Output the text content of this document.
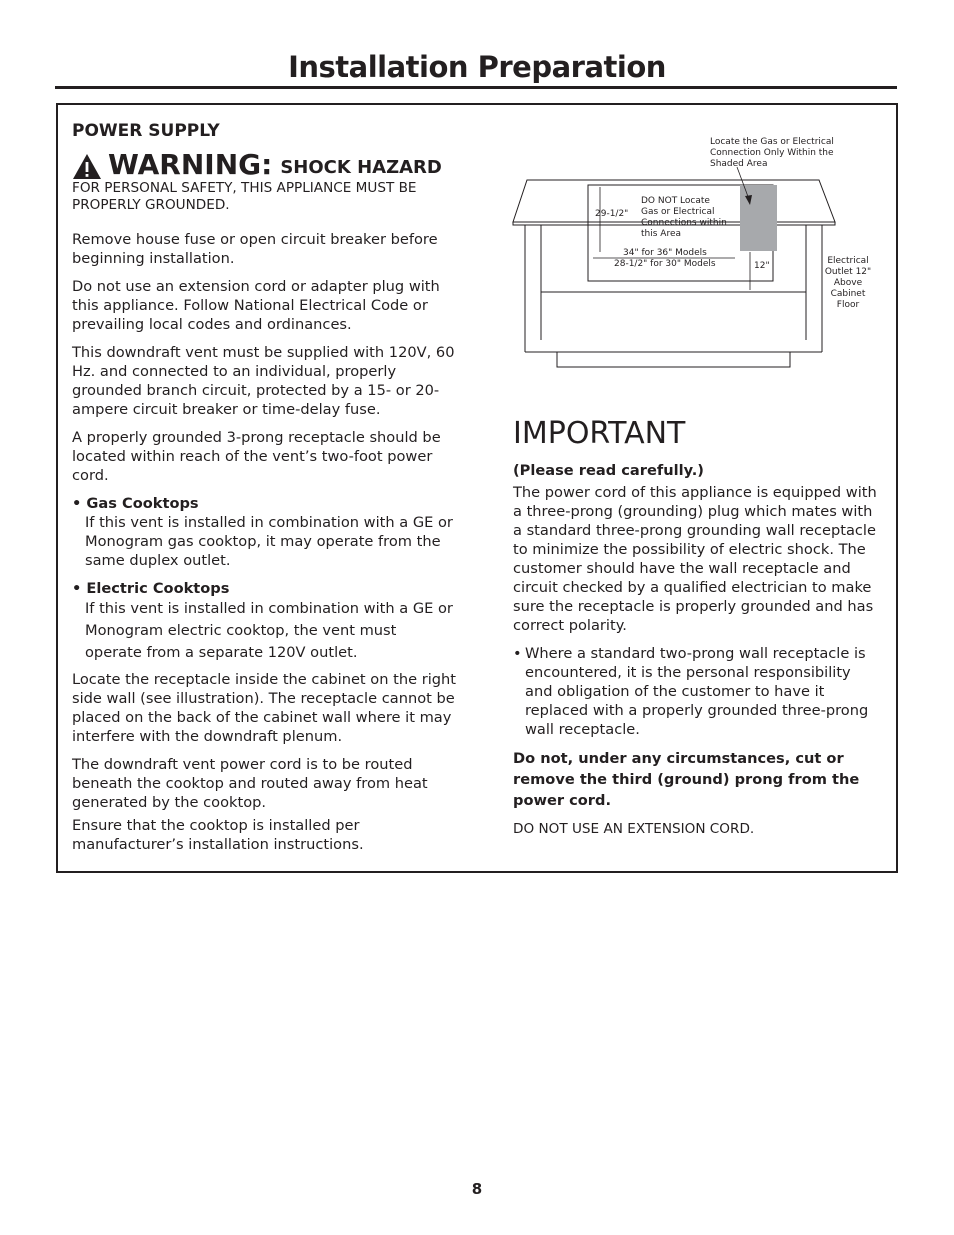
Installation Preparation

POWER SUPPLY

WARNING: SHOCK HAZARD

FOR PERSONAL SAFETY, THIS APPLIANCE MUST BE PROPERLY GROUNDED.

Remove house fuse or open circuit breaker before beginning installation.

Do not use an extension cord or adapter plug with this appliance. Follow National Electrical Code or prevailing local codes and ordinances.

This downdraft vent must be supplied with 120V, 60 Hz. and connected to an individual, properly grounded branch circuit, protected by a 15- or 20-ampere circuit breaker or time-delay fuse.

A properly grounded 3-prong receptacle should be located within reach of the vent’s two-foot power cord.

• Gas Cooktops

If this vent is installed in combination with a GE or Monogram gas cooktop, it may operate from the same duplex outlet.

• Electric Cooktops

If this vent is installed in combination with a GE or Monogram electric cooktop, the vent must operate from a separate 120V outlet.

Locate the receptacle inside the cabinet on the right side wall (see illustration). The receptacle cannot be placed on the back of the cabinet wall where it may interfere with the downdraft plenum.

The downdraft vent power cord is to be routed beneath the cooktop and routed away from heat generated by the cooktop.

Ensure that the cooktop is installed per manufacturer’s installation instructions.

Locate the Gas or Electrical
Connection Only Within the
Shaded Area
DO NOT Locate
Gas or Electrical
Connections within
this Area
29-1/2"
34" for 36" Models
28-1/2" for 30" Models	12"	Electrical
Outlet 12"
Above
Cabinet
Floor

IMPORTANT

(Please read carefully.)

The power cord of this appliance is equipped with a three-prong (grounding) plug which mates with a standard three-prong grounding wall receptacle to minimize the possibility of electric shock. The customer should have the wall receptacle and circuit checked by a qualified electrician to make sure the receptacle is properly grounded and has correct polarity.

• Where a standard two-prong wall receptacle is encountered, it is the personal responsibility and obligation of the customer to have it replaced with a properly grounded three-prong wall receptacle.

Do not, under any circumstances, cut or remove the third (ground) prong from the power cord.

DO NOT USE AN EXTENSION CORD.

8
